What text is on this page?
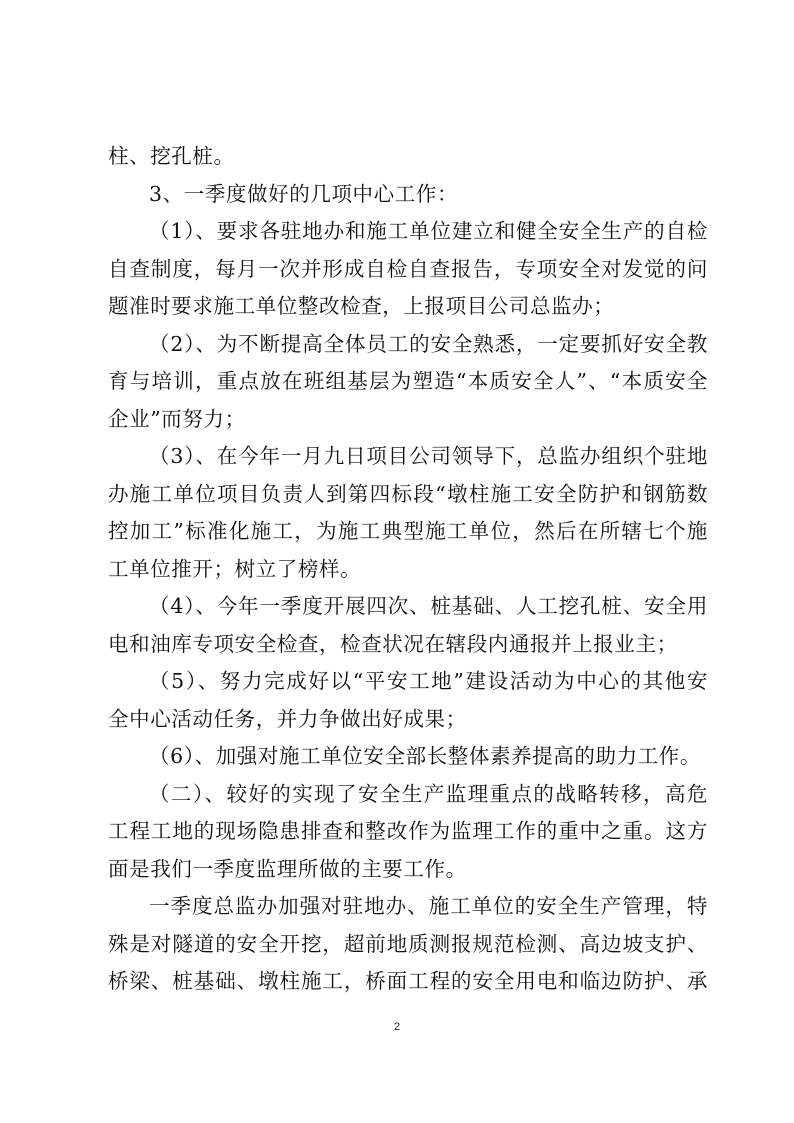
柱、挖孔桩。
3、一季度做好的几项中心工作：
（1）、要求各驻地办和施工单位建立和健全安全生产的自检
自查制度，每月一次并形成自检自查报告，专项安全对发觉的问
题准时要求施工单位整改检查，上报项目公司总监办；
（2）、为不断提高全体员工的安全熟悉，一定要抓好安全教
育与培训，重点放在班组基层为塑造“本质安全人”、“本质安全
企业”而努力；
（3）、在今年一月九日项目公司领导下，总监办组织个驻地
办施工单位项目负责人到第四标段“墩柱施工安全防护和钢筋数
控加工”标准化施工，为施工典型施工单位，然后在所辖七个施
工单位推开；树立了榜样。
（4）、今年一季度开展四次、桩基础、人工挖孔桩、安全用
电和油库专项安全检查，检查状况在辖段内通报并上报业主；
（5）、努力完成好以“平安工地”建设活动为中心的其他安
全中心活动任务，并力争做出好成果；
（6）、加强对施工单位安全部长整体素养提高的助力工作。
（二）、较好的实现了安全生产监理重点的战略转移，高危
工程工地的现场隐患排查和整改作为监理工作的重中之重。这方
面是我们一季度监理所做的主要工作。
一季度总监办加强对驻地办、施工单位的安全生产管理，特
殊是对隧道的安全开挖，超前地质测报规范检测、高边坡支护、
桥梁、桩基础、墩柱施工，桥面工程的安全用电和临边防护、承
2
